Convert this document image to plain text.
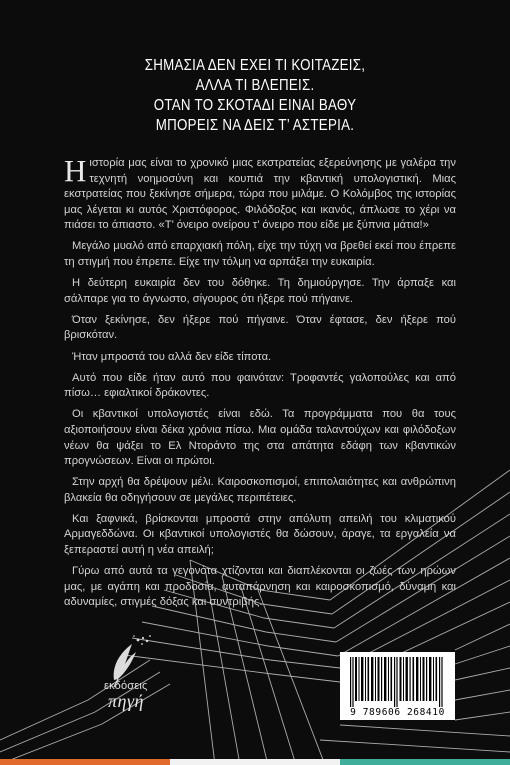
ΣΗΜΑΣΙΑ ΔΕΝ ΕΧΕΙ ΤΙ ΚΟΙΤΑΖΕΙΣ,
ΑΛΛΑ ΤΙ ΒΛΕΠΕΙΣ.
ΟΤΑΝ ΤΟ ΣΚΟΤΑΔΙ ΕΙΝΑΙ ΒΑΘΥ
ΜΠΟΡΕΙΣ ΝΑ ΔΕΙΣ Τ’ ΑΣΤΕΡΙΑ.

Ηιστορία μας είναι το χρονικό μιας εκστρατείας εξερεύνησης με γαλέρα την τεχνητή νοημοσύνη και κουπιά την κβαντική υπολογιστική. Μιας εκστρατείας που ξεκίνησε σήμερα, τώρα που μιλάμε. Ο Κολόμβος της ιστορίας μας λέγεται κι αυτός Χριστόφορος. Φιλόδοξος και ικανός, άπλωσε το χέρι να πιάσει το άπιαστο. «Τ’ όνειρο ονείρου τ’ όνειρο που είδε με ξύπνια μάτια!»

Μεγάλο μυαλό από επαρχιακή πόλη, είχε την τύχη να βρεθεί εκεί που έπρεπε τη στιγμή που έπρεπε. Είχε την τόλμη να αρπάξει την ευκαιρία.

Η δεύτερη ευκαιρία δεν του δόθηκε. Τη δημιούργησε. Την άρπαξε και σάλπαρε για το άγνωστο, σίγουρος ότι ήξερε πού πήγαινε.

Όταν ξεκίνησε, δεν ήξερε πού πήγαινε. Όταν έφτασε, δεν ήξερε πού βρισκόταν.

Ήταν μπροστά του αλλά δεν είδε τίποτα.

Αυτό που είδε ήταν αυτό που φαινόταν: Τροφαντές γαλοπούλες και από πίσω… εφιαλτικοί δράκοντες.

Οι κβαντικοί υπολογιστές είναι εδώ. Τα προγράμματα που θα τους αξιοποιήσουν είναι δέκα χρόνια πίσω. Μια ομάδα ταλαντούχων και φιλόδοξων νέων θα ψάξει το Ελ Ντοράντο της στα απάτητα εδάφη των κβαντικών προγνώσεων. Είναι οι πρώτοι.

Στην αρχή θα δρέψουν μέλι. Καιροσκοπισμοί, επιπολαιότητες και ανθρώπινη βλακεία θα οδηγήσουν σε μεγάλες περιπέτειες.

Και ξαφνικά, βρίσκονται μπροστά στην απόλυτη απειλή του κλιματικού Αρμαγεδδώνα. Οι κβαντικοί υπολογιστές θα δώσουν, άραγε, τα εργαλεία να ξεπεραστεί αυτή η νέα απειλή;

Γύρω από αυτά τα γεγονότα χτίζονται και διαπλέκονται οι ζωές των ηρώων μας, με αγάπη και προδοσία, αυταπάρνηση και καιροσκοπισμό, δύναμη και αδυναμίες, στιγμές δόξας και συντριβής.

εκδόσεις
πηγή
9 789606 268410
